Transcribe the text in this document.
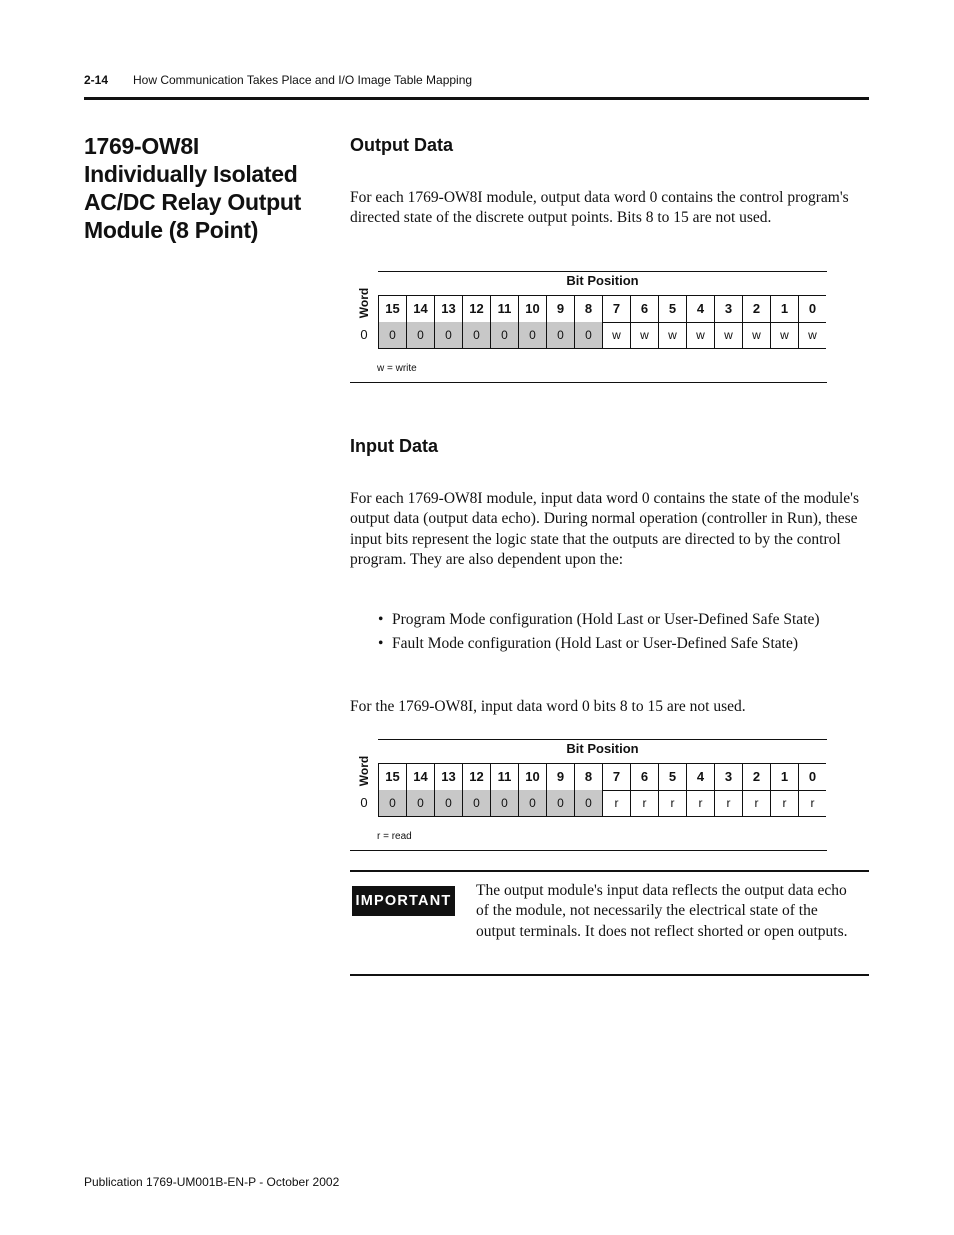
2-14 How Communication Takes Place and I/O Image Table Mapping
1769-OW8I Individually Isolated AC/DC Relay Output Module (8 Point)
Output Data

For each 1769-OW8I module, output data word 0 contains the control program's directed state of the discrete output points. Bits 8 to 15 are not used.

Bit Position
Word	15	14	13	12	11	10	9	8	7	6	5	4	3	2	1	0
0	0	0	0	0	0	0	0	0	w	w	w	w	w	w	w	w
w = write
Input Data

For each 1769-OW8I module, input data word 0 contains the state of the module's output data (output data echo). During normal operation (controller in Run), these input bits represent the logic state that the outputs are directed to by the control program. They are also dependent upon the:

• Program Mode configuration (Hold Last or User-Defined Safe State)
• Fault Mode configuration (Hold Last or User-Defined Safe State)

For the 1769-OW8I, input data word 0 bits 8 to 15 are not used.

Bit Position
Word	15	14	13	12	11	10	9	8	7	6	5	4	3	2	1	0
0	0	0	0	0	0	0	0	0	r	r	r	r	r	r	r	r
r = read
IMPORTANT

The output module's input data reflects the output data echo of the module, not necessarily the electrical state of the output terminals. It does not reflect shorted or open outputs.

Publication 1769-UM001B-EN-P - October 2002
